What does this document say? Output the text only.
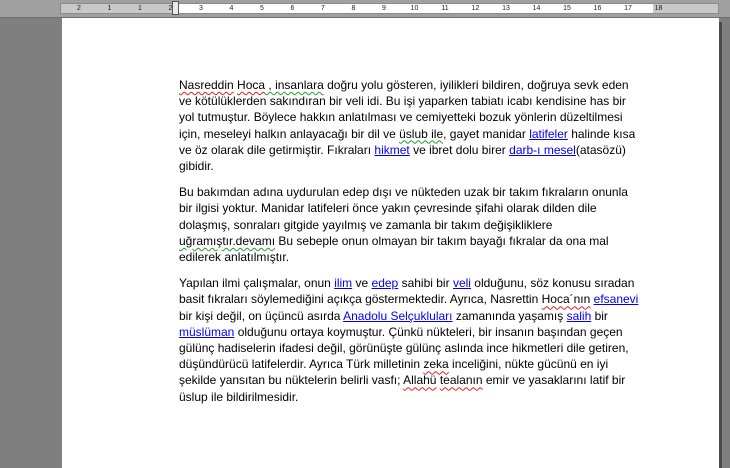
2	1	1	2	3	4	5	6	7	8	9	10	11	12	13	14	15	16	17	18

Nasreddin Hoca , insanlara doğru yolu gösteren, iyilikleri bildiren, doğruya sevk eden ve kötülüklerden sakındıran bir veli idi. Bu işi yaparken tabiatı icabı kendisine has bir yol tutmuştur. Böylece hakkın anlatılması ve cemiyetteki bozuk yönlerin düzeltilmesi için, meseleyi halkın anlayacağı bir dil ve üslub ile, gayet manidar latifeler halinde kısa ve öz olarak dile getirmiştir. Fıkraları hikmet ve ibret dolu birer darb-ı mesel(atasözü) gibidir.

Bu bakımdan adına uydurulan edep dışı ve nükteden uzak bir takım fıkraların onunla bir ilgisi yoktur. Manidar latifeleri önce yakın çevresinde şifahi olarak dilden dile dolaşmış, sonraları gitgide yayılmış ve zamanla bir takım değişikliklere uğramıştır.devamı Bu sebeple onun olmayan bir takım bayağı fıkralar da ona mal edilerek anlatılmıştır.

Yapılan ilmi çalışmalar, onun ilim ve edep sahibi bir veli olduğunu, söz konusu sıradan basit fıkraları söylemediğini açıkça göstermektedir. Ayrıca, Nasrettin Hoca´nın efsanevi bir kişi değil, on üçüncü asırda Anadolu Selçukluları zamanında yaşamış salih bir müslüman olduğunu ortaya koymuştur. Çünkü nükteleri, bir insanın başından geçen gülünç hadiselerin ifadesi değil, görünüşte gülünç aslında ince hikmetleri dile getiren, düşündürücü latifelerdir. Ayrıca Türk milletinin zeka inceliğini, nükte gücünü en iyi şekilde yansıtan bu nüktelerin belirli vasfı; Allahü tealanın emir ve yasaklarını latif bir üslup ile bildirilmesidir.
